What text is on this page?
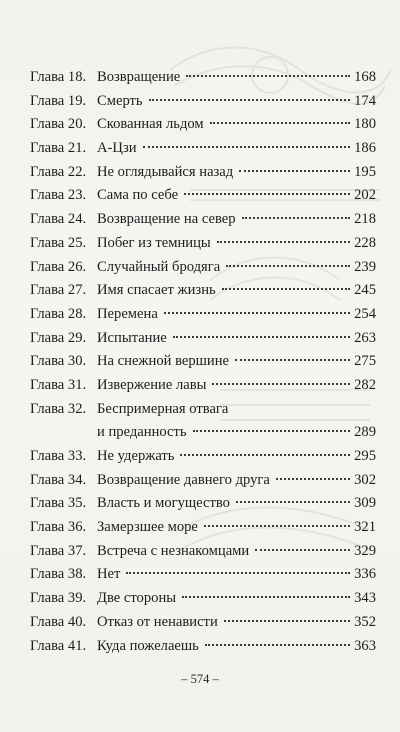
Глава 18. Возвращение	168
Глава 19. Смерть	174
Глава 20. Скованная льдом	180
Глава 21. А-Цзи	186
Глава 22. Не оглядывайся назад	195
Глава 23. Сама по себе	202
Глава 24. Возвращение на север	218
Глава 25. Побег из темницы	228
Глава 26. Случайный бродяга	239
Глава 27. Имя спасает жизнь	245
Глава 28. Перемена	254
Глава 29. Испытание	263
Глава 30. На снежной вершине	275
Глава 31. Извержение лавы	282
Глава 32. Беспримерная отвага
и преданность	289
Глава 33. Не удержать	295
Глава 34. Возвращение давнего друга	302
Глава 35. Власть и могущество	309
Глава 36. Замерзшее море	321
Глава 37. Встреча с незнакомцами	329
Глава 38. Нет	336
Глава 39. Две стороны	343
Глава 40. Отказ от ненависти	352
Глава 41. Куда пожелаешь	363
– 574 –
